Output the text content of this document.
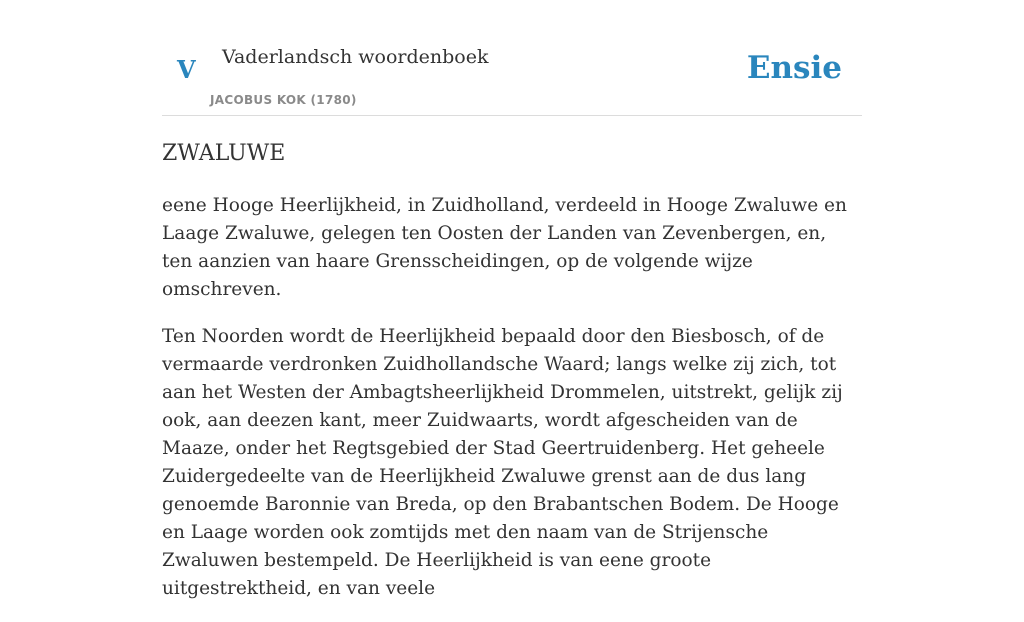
V Vaderlandsch woordenboek
JACOBUS KOK (1780)
Ensie
ZWALUWE

eene Hooge Heerlijkheid, in Zuidholland, verdeeld in Hooge Zwaluwe en Laage Zwaluwe, gelegen ten Oosten der Landen van Zevenbergen, en, ten aanzien van haare Grensscheidingen, op de volgende wijze omschreven.

Ten Noorden wordt de Heerlijkheid bepaald door den Biesbosch, of de vermaarde verdronken Zuidhollandsche Waard; langs welke zij zich, tot aan het Westen der Ambagtsheerlijkheid Drommelen, uitstrekt, gelijk zij ook, aan deezen kant, meer Zuidwaarts, wordt afgescheiden van de Maaze, onder het Regtsgebied der Stad Geertruidenberg. Het geheele Zuidergedeelte van de Heerlijkheid Zwaluwe grenst aan de dus lang genoemde Baronnie van Breda, op den Brabantschen Bodem. De Hooge en Laage worden ook zomtijds met den naam van de Strijensche Zwaluwen bestempeld. De Heerlijkheid is van eene groote uitgestrektheid, en van veele
